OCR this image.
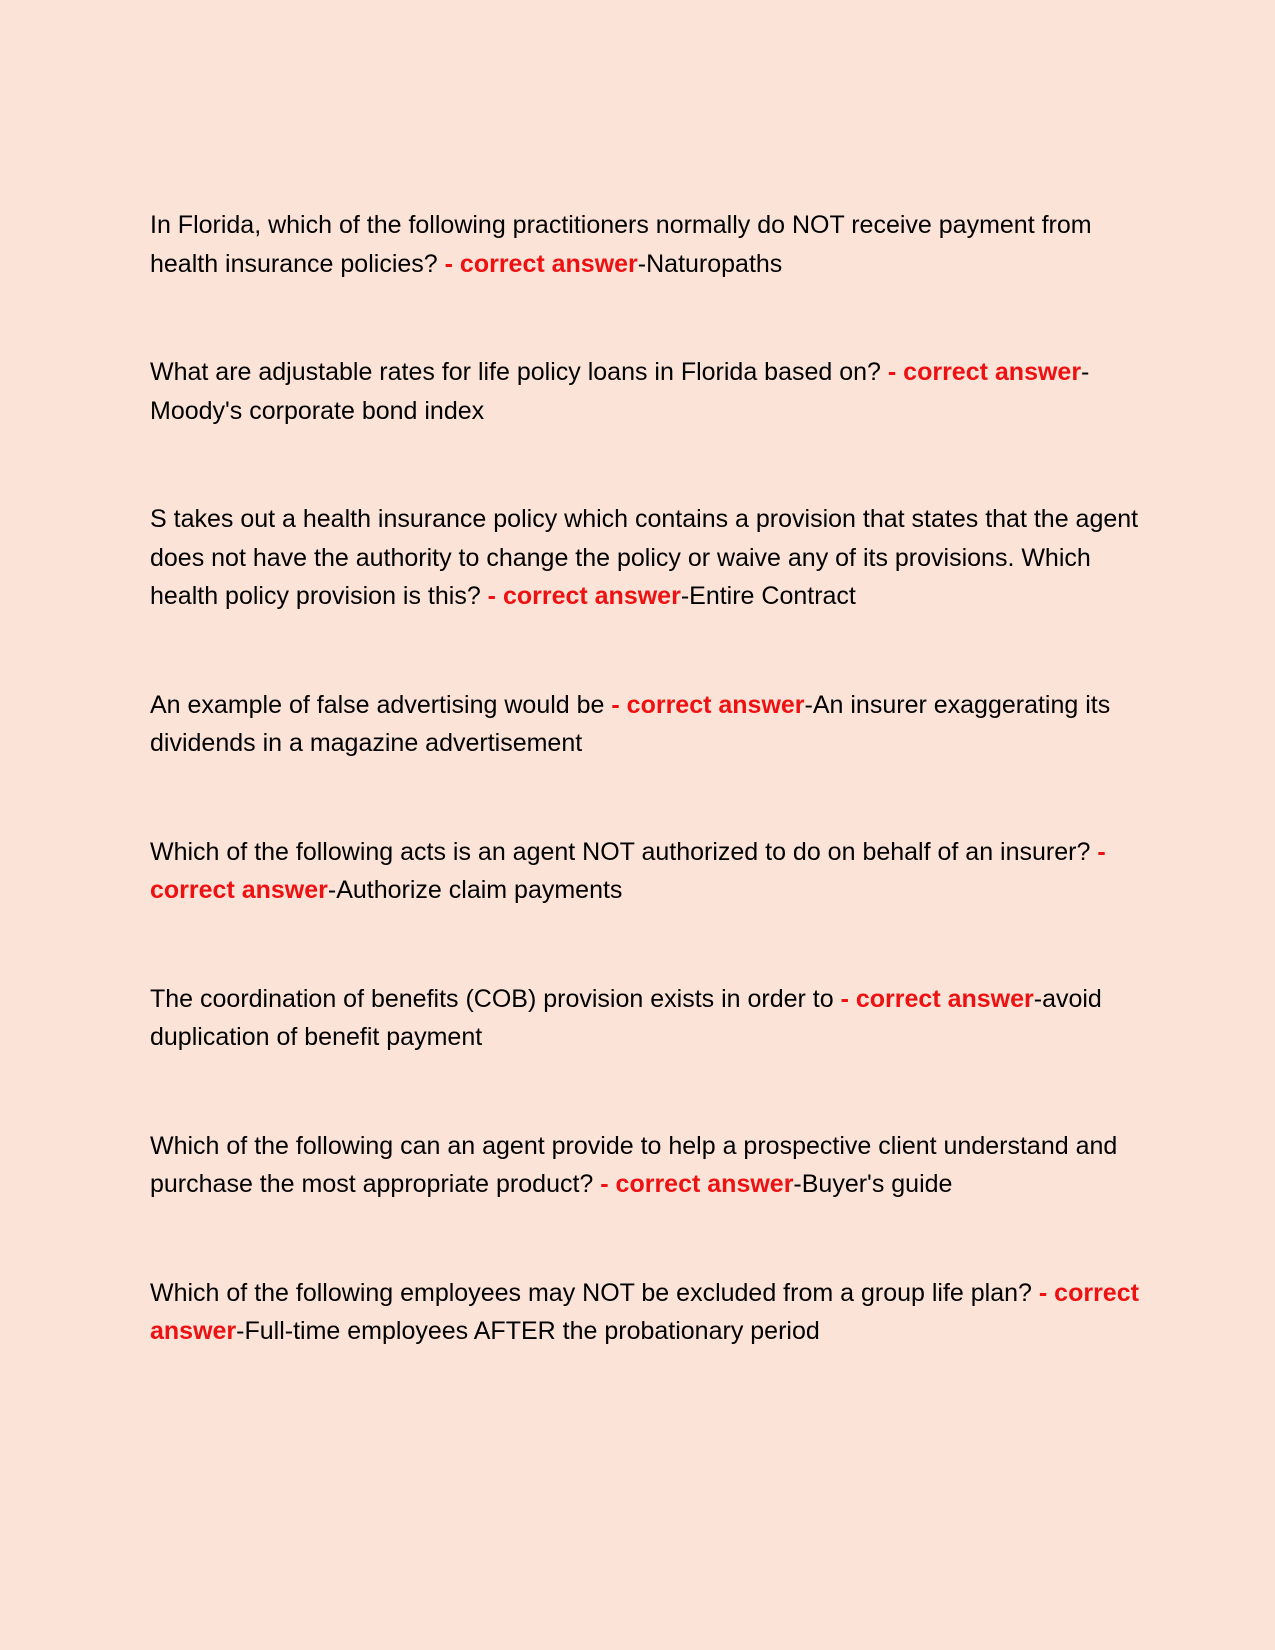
In Florida, which of the following practitioners normally do NOT receive payment from health insurance policies? - correct answer-Naturopaths

What are adjustable rates for life policy loans in Florida based on? - correct answer-Moody's corporate bond index

S takes out a health insurance policy which contains a provision that states that the agent does not have the authority to change the policy or waive any of its provisions. Which health policy provision is this? - correct answer-Entire Contract

An example of false advertising would be - correct answer-An insurer exaggerating its dividends in a magazine advertisement

Which of the following acts is an agent NOT authorized to do on behalf of an insurer? - correct answer-Authorize claim payments

The coordination of benefits (COB) provision exists in order to - correct answer-avoid duplication of benefit payment

Which of the following can an agent provide to help a prospective client understand and purchase the most appropriate product? - correct answer-Buyer's guide

Which of the following employees may NOT be excluded from a group life plan? - correct answer-Full-time employees AFTER the probationary period
